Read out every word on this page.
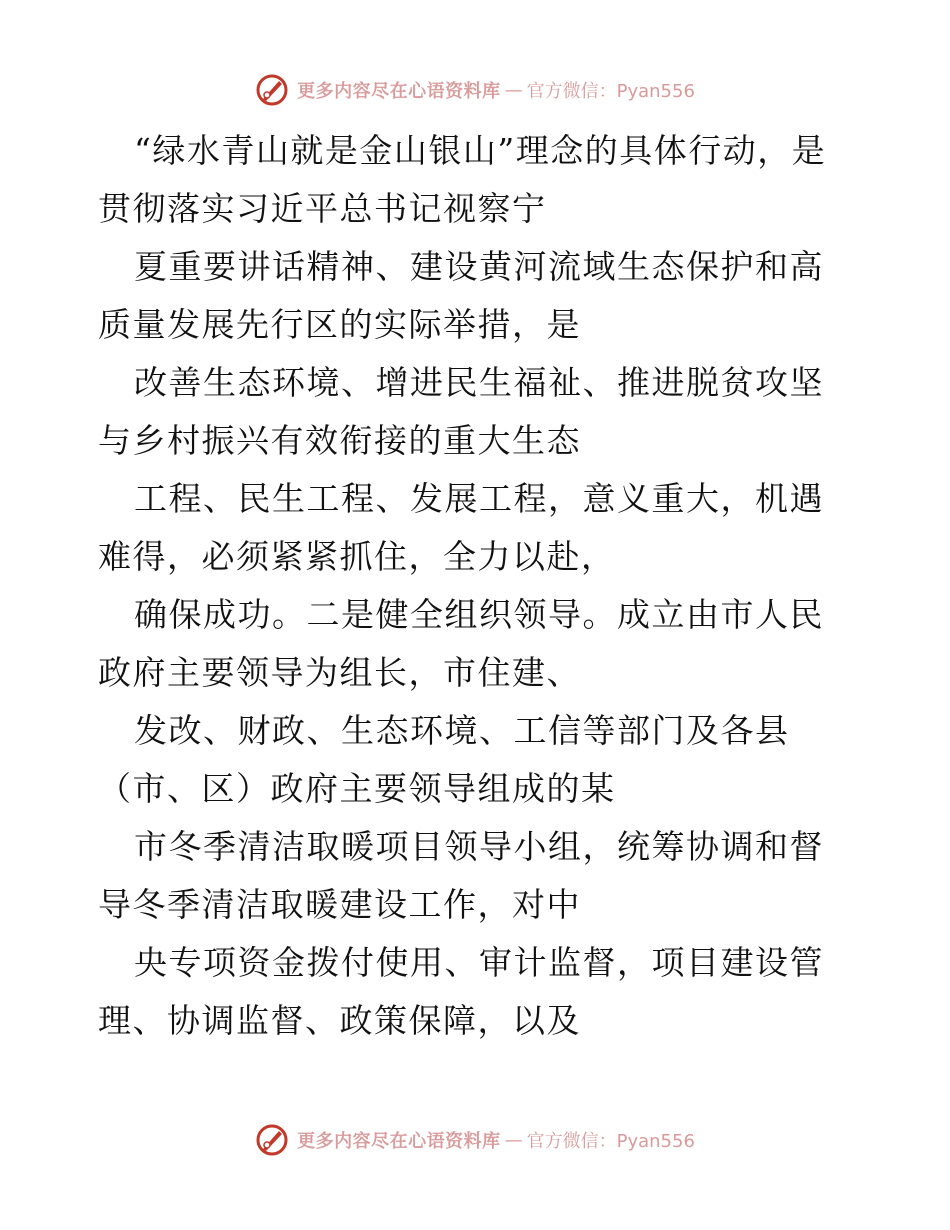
更多内容尽在心语资料库 — 官方微信：Pyan556

“绿水青山就是金山银山”理念的具体行动，是贯彻落实习近平总书记视察宁

夏重要讲话精神、建设黄河流域生态保护和高质量发展先行区的实际举措，是

改善生态环境、增进民生福祉、推进脱贫攻坚与乡村振兴有效衔接的重大生态

工程、民生工程、发展工程，意义重大，机遇难得，必须紧紧抓住，全力以赴，

确保成功。二是健全组织领导。成立由市人民政府主要领导为组长，市住建、

发改、财政、生态环境、工信等部门及各县（市、区）政府主要领导组成的某

市冬季清洁取暖项目领导小组，统筹协调和督导冬季清洁取暖建设工作，对中

央专项资金拨付使用、审计监督，项目建设管理、协调监督、政策保障，以及

更多内容尽在心语资料库 — 官方微信：Pyan556
